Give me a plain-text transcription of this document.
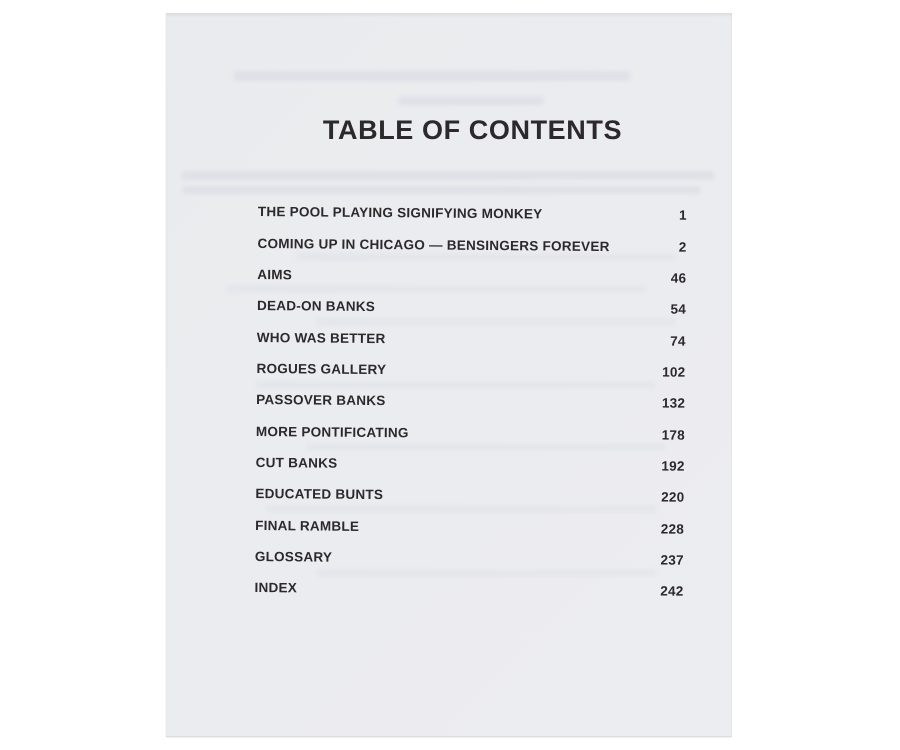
TABLE OF CONTENTS
THE POOL PLAYING SIGNIFYING MONKEY	1
COMING UP IN CHICAGO — BENSINGERS FOREVER	2
AIMS	46
DEAD-ON BANKS	54
WHO WAS BETTER	74
ROGUES GALLERY	102
PASSOVER BANKS	132
MORE PONTIFICATING	178
CUT BANKS	192
EDUCATED BUNTS	220
FINAL RAMBLE	228
GLOSSARY	237
INDEX	242
